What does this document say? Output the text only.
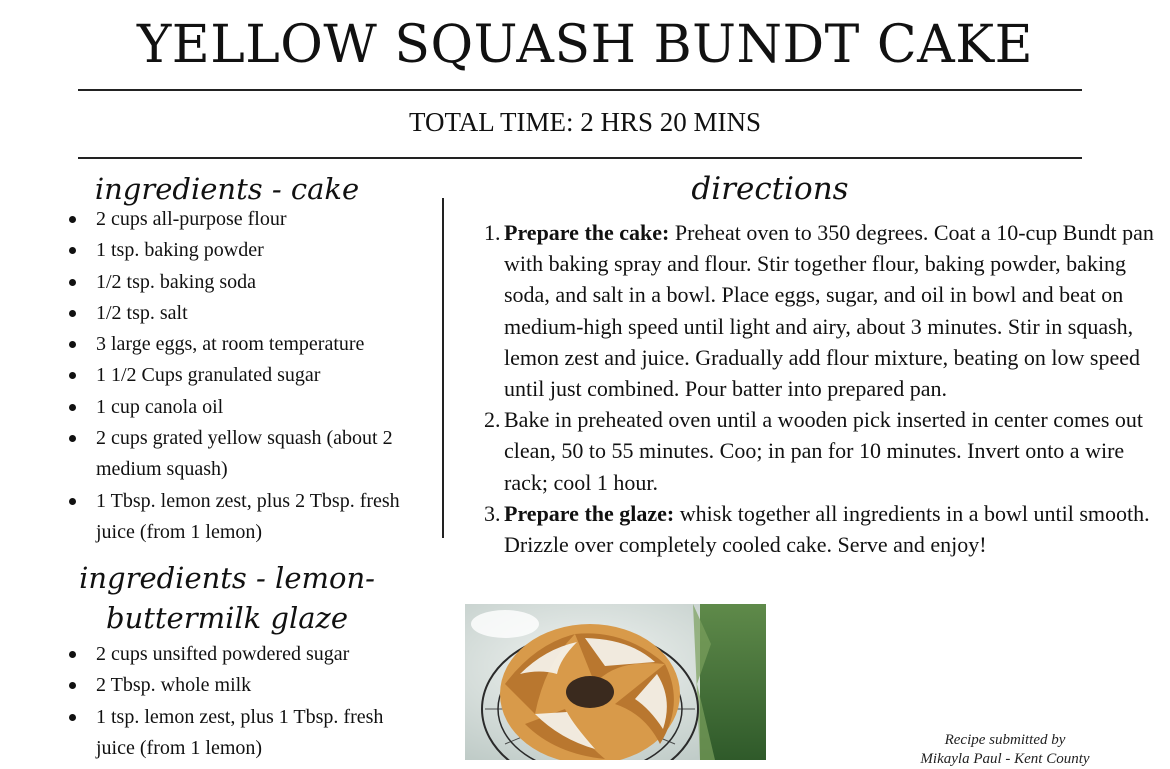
YELLOW SQUASH BUNDT CAKE
TOTAL TIME: 2 HRS 20 MINS
ingredients - cake
2 cups all-purpose flour
1 tsp. baking powder
1/2 tsp. baking soda
1/2 tsp. salt
3 large eggs, at room temperature
1 1/2 Cups granulated sugar
1 cup canola oil
2 cups grated yellow squash (about 2 medium squash)
1 Tbsp. lemon zest, plus 2 Tbsp. fresh juice (from 1 lemon)
ingredients - lemon-
buttermilk glaze
2 cups unsifted powdered sugar
2 Tbsp. whole milk
1 tsp. lemon zest, plus 1 Tbsp. fresh juice (from 1 lemon)
directions
1. Prepare the cake: Preheat oven to 350 degrees. Coat a 10-cup Bundt pan with baking spray and flour. Stir together flour, baking powder, baking soda, and salt in a bowl. Place eggs, sugar, and oil in bowl and beat on medium-high speed until light and airy, about 3 minutes. Stir in squash, lemon zest and juice. Gradually add flour mixture, beating on low speed until just combined. Pour batter into prepared pan.
2. Bake in preheated oven until a wooden pick inserted in center comes out clean, 50 to 55 minutes. Coo; in pan for 10 minutes. Invert onto a wire rack; cool 1 hour.
3. Prepare the glaze: whisk together all ingredients in a bowl until smooth. Drizzle over completely cooled cake. Serve and enjoy!
Recipe submitted by
Mikayla Paul - Kent County
